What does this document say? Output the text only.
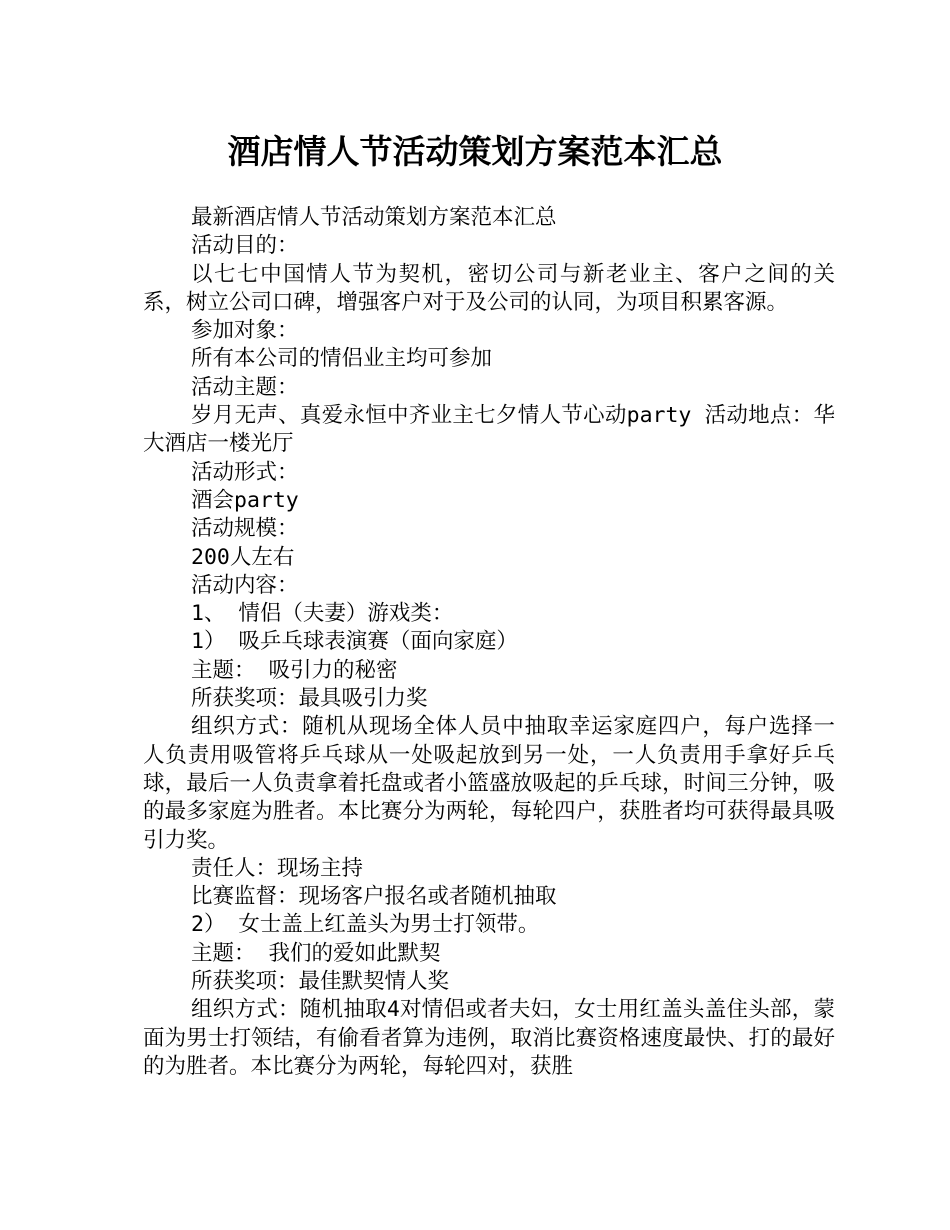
酒店情人节活动策划方案范本汇总

最新酒店情人节活动策划方案范本汇总

活动目的：

以七七中国情人节为契机，密切公司与新老业主、客户之间的关系，树立公司口碑，增强客户对于及公司的认同，为项目积累客源。

参加对象：

所有本公司的情侣业主均可参加

活动主题：

岁月无声、真爱永恒中齐业主七夕情人节心动party 活动地点：华大酒店一楼光厅

活动形式：

酒会party

活动规模：

200人左右

活动内容：

1、 情侣（夫妻）游戏类：

1） 吸乒乓球表演赛（面向家庭）

主题： 吸引力的秘密

所获奖项：最具吸引力奖

组织方式：随机从现场全体人员中抽取幸运家庭四户，每户选择一人负责用吸管将乒乓球从一处吸起放到另一处，一人负责用手拿好乒乓球，最后一人负责拿着托盘或者小篮盛放吸起的乒乓球，时间三分钟，吸的最多家庭为胜者。本比赛分为两轮，每轮四户，获胜者均可获得最具吸引力奖。

责任人：现场主持

比赛监督：现场客户报名或者随机抽取

2） 女士盖上红盖头为男士打领带。

主题： 我们的爱如此默契

所获奖项：最佳默契情人奖

组织方式：随机抽取4对情侣或者夫妇，女士用红盖头盖住头部，蒙面为男士打领结，有偷看者算为违例，取消比赛资格速度最快、打的最好的为胜者。本比赛分为两轮，每轮四对，获胜
